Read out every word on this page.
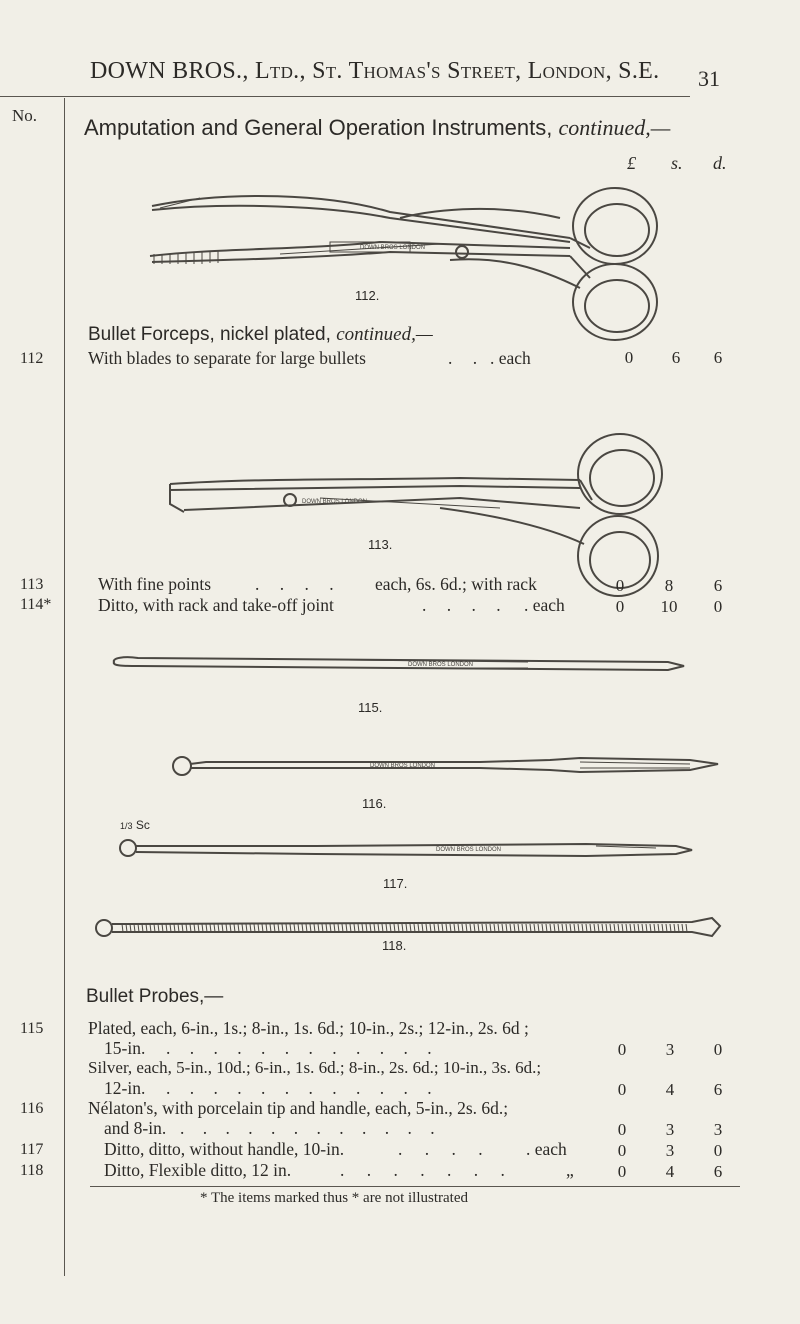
DOWN BROS., Ltd., St. Thomas's Street, London, S.E. 31
No. Amputation and General Operation Instruments, continued,—
£ s. d.
DOWN BROS LONDON
112.
Bullet Forceps, nickel plated, continued,—
112	With blades to separate for large bullets	. . . each	0	6	6
DOWN BROS LONDON
113.
113	With fine points	. . . . each, 6s. 6d.; with rack	0	8	6
114*	Ditto, with rack and take-off joint	. . . . . each	0	10	0
DOWN BROS LONDON
115.
DOWN BROS LONDON
116.
1/3 Sc
DOWN BROS LONDON
117.
118.
Bullet Probes,—
115	Plated, each, 6-in., 1s.; 8-in., 1s. 6d.; 10-in., 2s.; 12-in., 2s. 6d ;
15-in. . . . . . . . . . . . .	0	3	0
Silver, each, 5-in., 10d.; 6-in., 1s. 6d.; 8-in., 2s. 6d.; 10-in., 3s. 6d.;
12-in. . . . . . . . . . . . .	0	4	6
116	Nélaton's, with porcelain tip and handle, each, 5-in., 2s. 6d.;
and 8-in. . . . . . . . . . . . .	0	3	3
117	Ditto, ditto, without handle, 10-in.	. . . . . each	0	3	0
118	Ditto, Flexible ditto, 12 in.	. . . . . . .	„	0	4	6
* The items marked thus * are not illustrated
